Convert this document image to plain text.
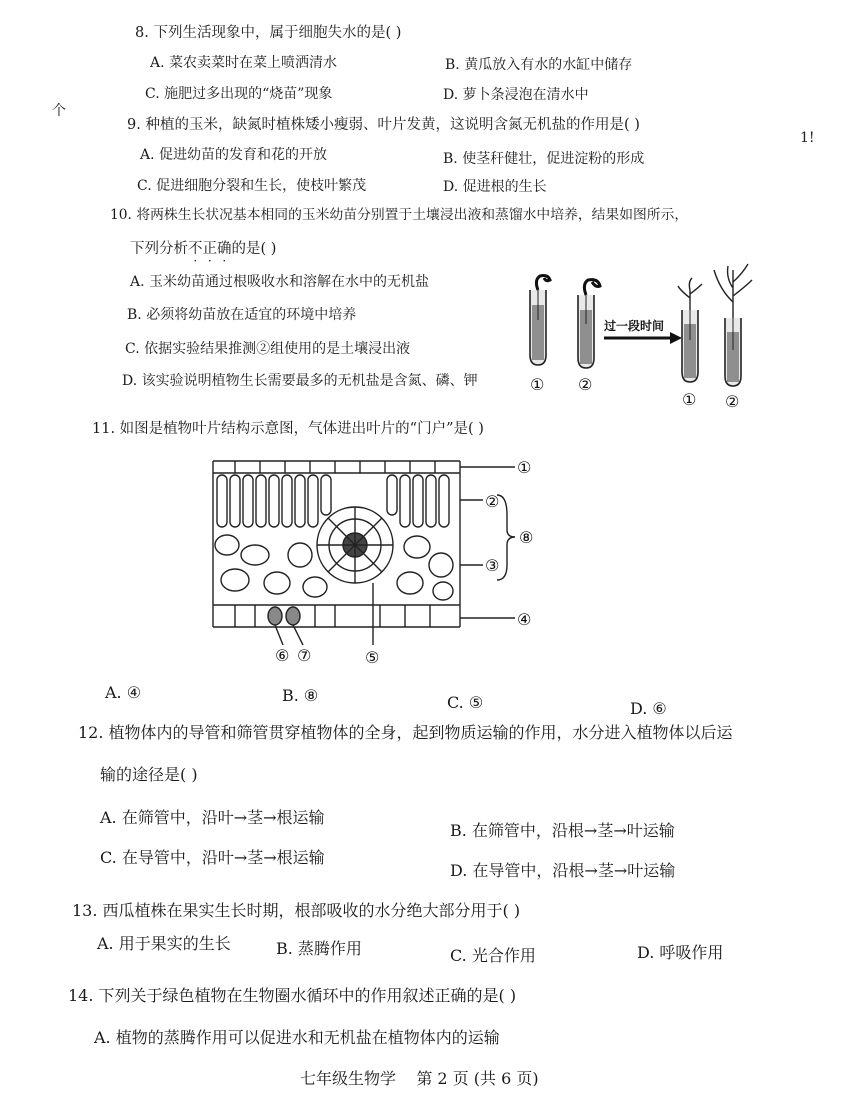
个
1!
8. 下列生活现象中，属于细胞失水的是( )
A. 菜农卖菜时在菜上喷洒清水	B. 黄瓜放入有水的水缸中储存
C. 施肥过多出现的“烧苗”现象	D. 萝卜条浸泡在清水中
9. 种植的玉米，缺氮时植株矮小瘦弱、叶片发黄，这说明含氮无机盐的作用是( )
A. 促进幼苗的发育和花的开放	B. 使茎秆健壮，促进淀粉的形成
C. 促进细胞分裂和生长，使枝叶繁茂	D. 促进根的生长
10. 将两株生长状况基本相同的玉米幼苗分别置于土壤浸出液和蒸馏水中培养，结果如图所示，
下列分析不正确的是( )
A. 玉米幼苗通过根吸收水和溶解在水中的无机盐
B. 必须将幼苗放在适宜的环境中培养
C. 依据实验结果推测②组使用的是土壤浸出液
D. 该实验说明植物生长需要最多的无机盐是含氮、磷、钾
过一段时间
① ②
① ②
11. 如图是植物叶片结构示意图，气体进出叶片的“门户”是( )
①
②
③
④
⑤
⑥ ⑦
⑧
A. ④	B. ⑧	C. ⑤	D. ⑥
12. 植物体内的导管和筛管贯穿植物体的全身，起到物质运输的作用，水分进入植物体以后运
输的途径是( )
A. 在筛管中，沿叶→茎→根运输
B. 在筛管中，沿根→茎→叶运输
C. 在导管中，沿叶→茎→根运输
D. 在导管中，沿根→茎→叶运输
13. 西瓜植株在果实生长时期，根部吸收的水分绝大部分用于( )
A. 用于果实的生长	B. 蒸腾作用	C. 光合作用	D. 呼吸作用
14. 下列关于绿色植物在生物圈水循环中的作用叙述正确的是( )
A. 植物的蒸腾作用可以促进水和无机盐在植物体内的运输
七年级生物学    第 2 页 (共 6 页)
